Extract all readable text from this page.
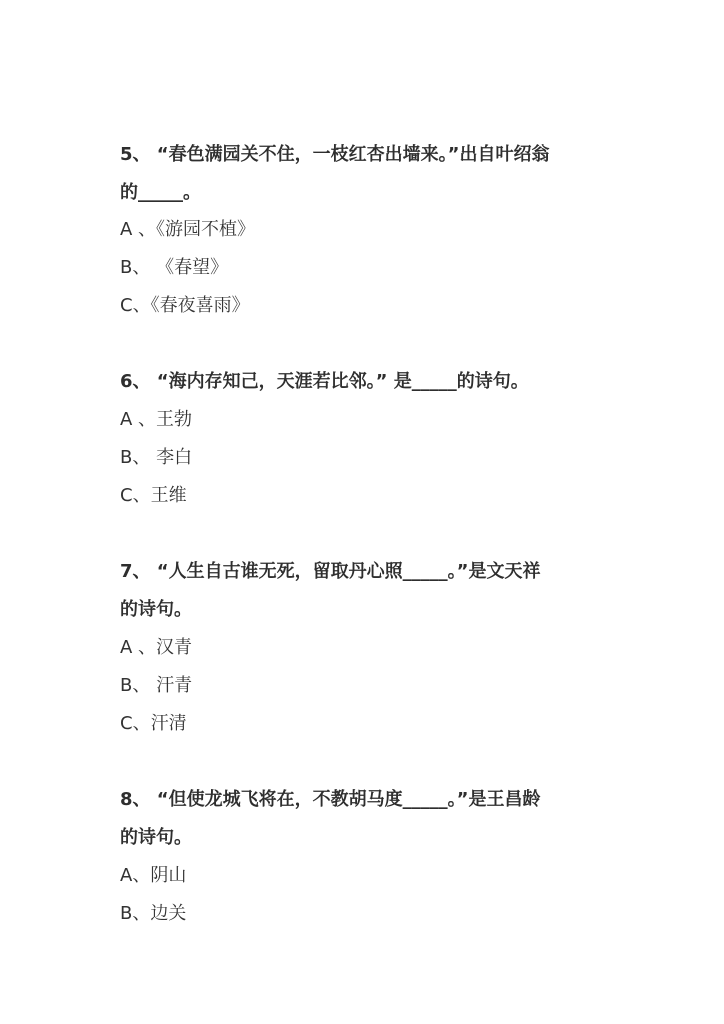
5、 “春色满园关不住，一枝红杏出墙来。”出自叶绍翁
的_____。
A 、《游园不植》
B、 《春望》
C、《春夜喜雨》
6、 “海内存知己，天涯若比邻。” 是_____的诗句。
A 、王勃
B、 李白
C、王维
7、 “人生自古谁无死，留取丹心照_____。”是文天祥
的诗句。
A 、汉青
B、 汗青
C、汗清
8、 “但使龙城飞将在，不教胡马度_____。”是王昌龄
的诗句。
A、阴山
B、边关
